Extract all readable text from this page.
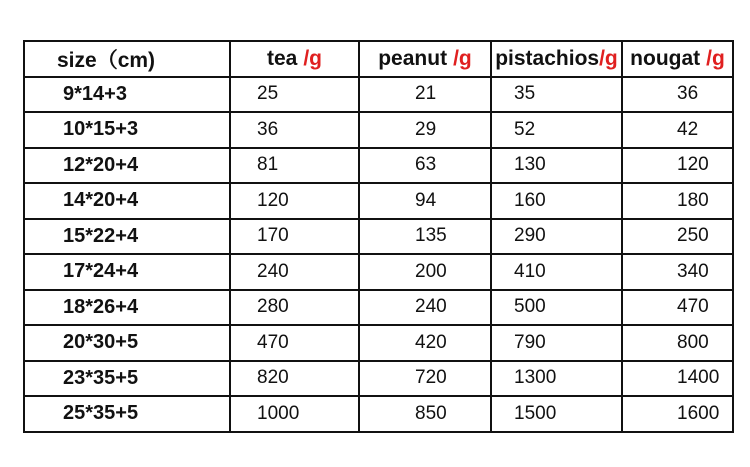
size（cm)	tea /g	peanut /g	pistachios/g	nougat /g
9*14+3	25	21	35	36
10*15+3	36	29	52	42
12*20+4	81	63	130	120
14*20+4	120	94	160	180
15*22+4	170	135	290	250
17*24+4	240	200	410	340
18*26+4	280	240	500	470
20*30+5	470	420	790	800
23*35+5	820	720	1300	1400
25*35+5	1000	850	1500	1600
